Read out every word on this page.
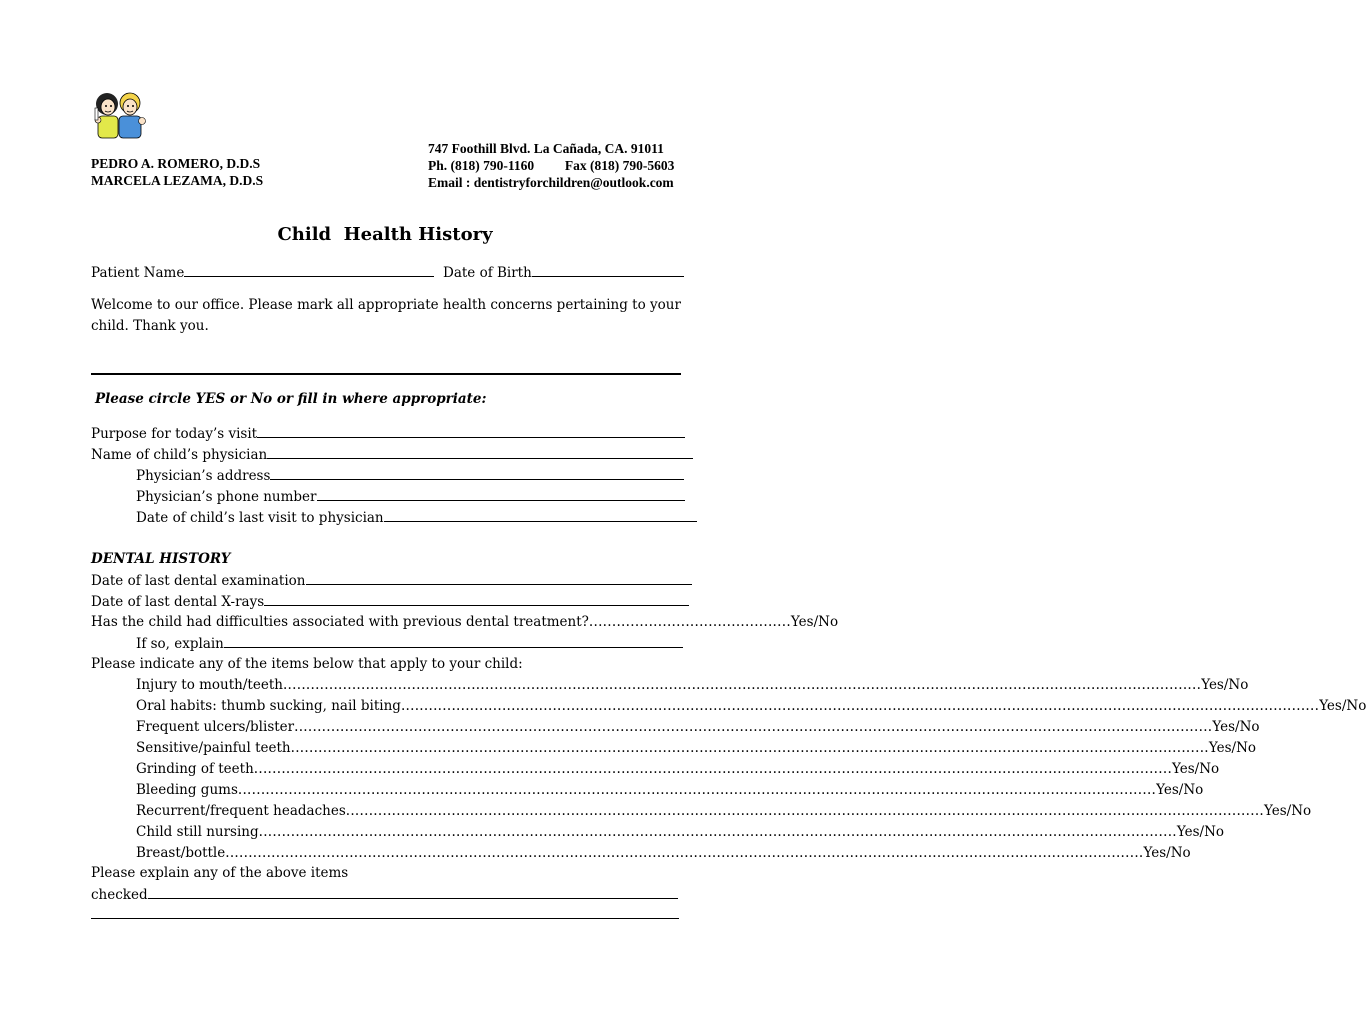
PEDRO A. ROMERO, D.D.S
MARCELA LEZAMA, D.D.S
747 Foothill Blvd. La Cañada, CA. 91011
Ph. (818) 790-1160 Fax (818) 790-5603
Email : dentistryforchildren@outlook.com
Child  Health History
Patient Name	Date of Birth
Welcome to our office. Please mark all appropriate health concerns pertaining to your
child. Thank you.
Please circle YES or No or fill in where appropriate:
Purpose for today’s visit
Name of child’s physician
Physician’s address
Physician’s phone number
Date of child’s last visit to physician
DENTAL HISTORY
Date of last dental examination
Date of last dental X-rays
Has the child had difficulties associated with previous dental treatment? ............................................ Yes/No
If so, explain
Please indicate any of the items below that apply to your child:
Injury to mouth/teeth ........................................................................................................................................................................................................ Yes/No
Oral habits: thumb sucking, nail biting ........................................................................................................................................................................................................ Yes/No
Frequent ulcers/blister ........................................................................................................................................................................................................ Yes/No
Sensitive/painful teeth ........................................................................................................................................................................................................ Yes/No
Grinding of teeth ........................................................................................................................................................................................................ Yes/No
Bleeding gums ........................................................................................................................................................................................................ Yes/No
Recurrent/frequent headaches ........................................................................................................................................................................................................ Yes/No
Child still nursing ........................................................................................................................................................................................................ Yes/No
Breast/bottle ........................................................................................................................................................................................................ Yes/No
Please explain any of the above items
checked
